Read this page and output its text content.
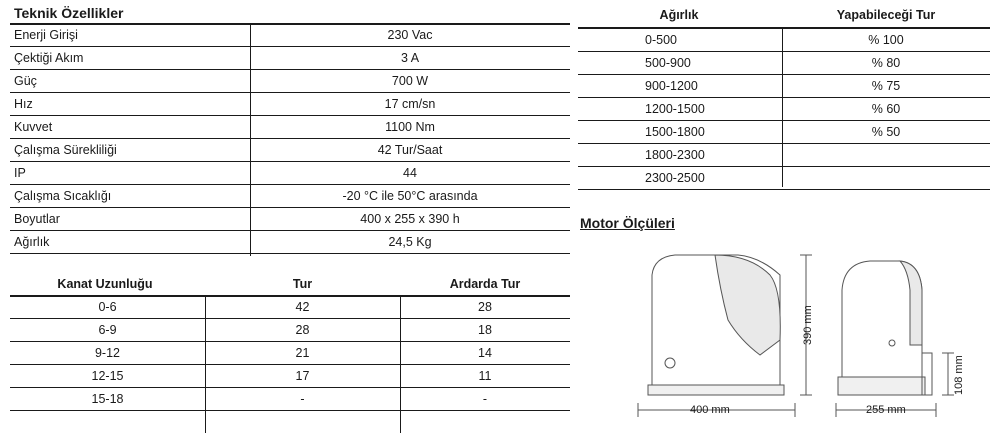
Teknik Özellikler
Enerji Girişi	230 Vac
Çektiği Akım	3 A
Güç	700 W
Hız	17 cm/sn
Kuvvet	1100 Nm
Çalışma Sürekliliği	42 Tur/Saat
IP	44
Çalışma Sıcaklığı	-20 °C ile 50°C arasında
Boyutlar	400 x 255 x 390 h
Ağırlık	24,5 Kg
Kanat Uzunluğu	Tur	Ardarda Tur
0-6	42	28
6-9	28	18
9-12	21	14
12-15	17	11
15-18	-	-
Ağırlık	Yapabileceği Tur
0-500	% 100
500-900	% 80
900-1200	% 75
1200-1500	% 60
1500-1800	% 50
1800-2300
2300-2500
Motor Ölçüleri
400 mm
390 mm
255 mm
108 mm
